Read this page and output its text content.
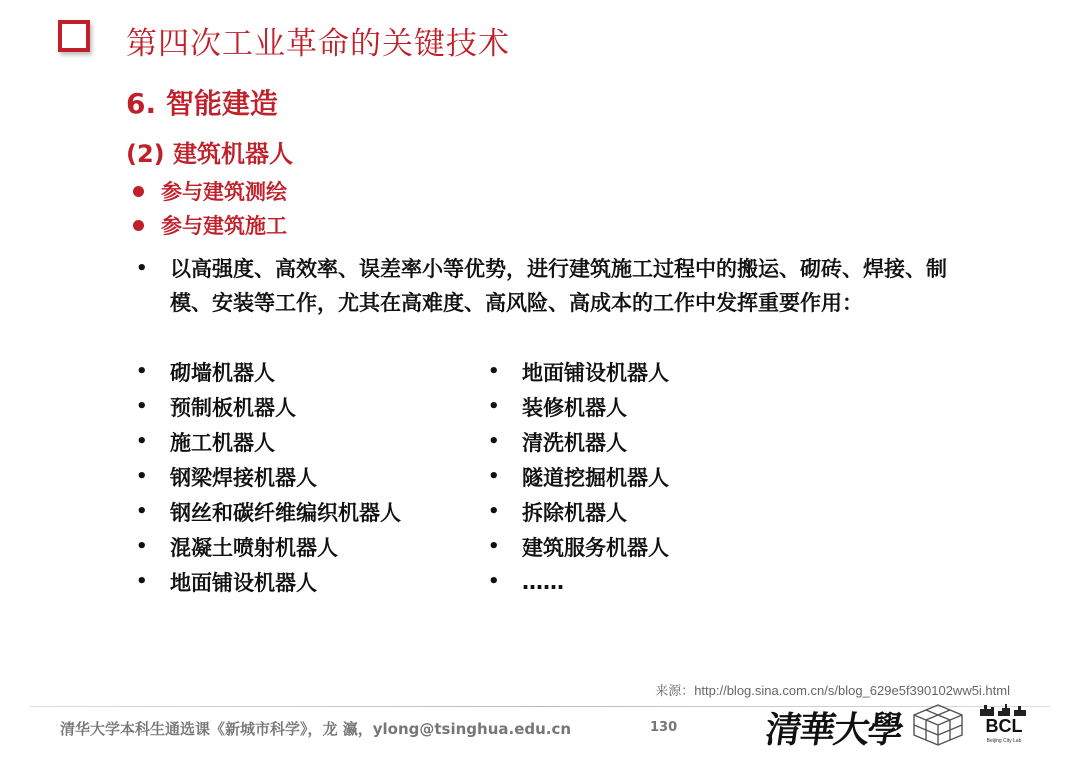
第四次工业革命的关键技术
6. 智能建造
(2) 建筑机器人
参与建筑测绘
参与建筑施工
•	以高强度、高效率、误差率小等优势，进行建筑施工过程中的搬运、砌砖、焊接、制模、安装等工作，尤其在高难度、高风险、高成本的工作中发挥重要作用：
•	砌墙机器人
•	预制板机器人
•	施工机器人
•	钢梁焊接机器人
•	钢丝和碳纤维编织机器人
•	混凝土喷射机器人
•	地面铺设机器人
•	地面铺设机器人
•	装修机器人
•	清洗机器人
•	隧道挖掘机器人
•	拆除机器人
•	建筑服务机器人
•	……
来源：http://blog.sina.com.cn/s/blog_629e5f390102ww5i.html
清华大学本科生通选课《新城市科学》，龙 瀛，ylong@tsinghua.edu.cn	130 清華大學	BCL
Beijing City Lab
